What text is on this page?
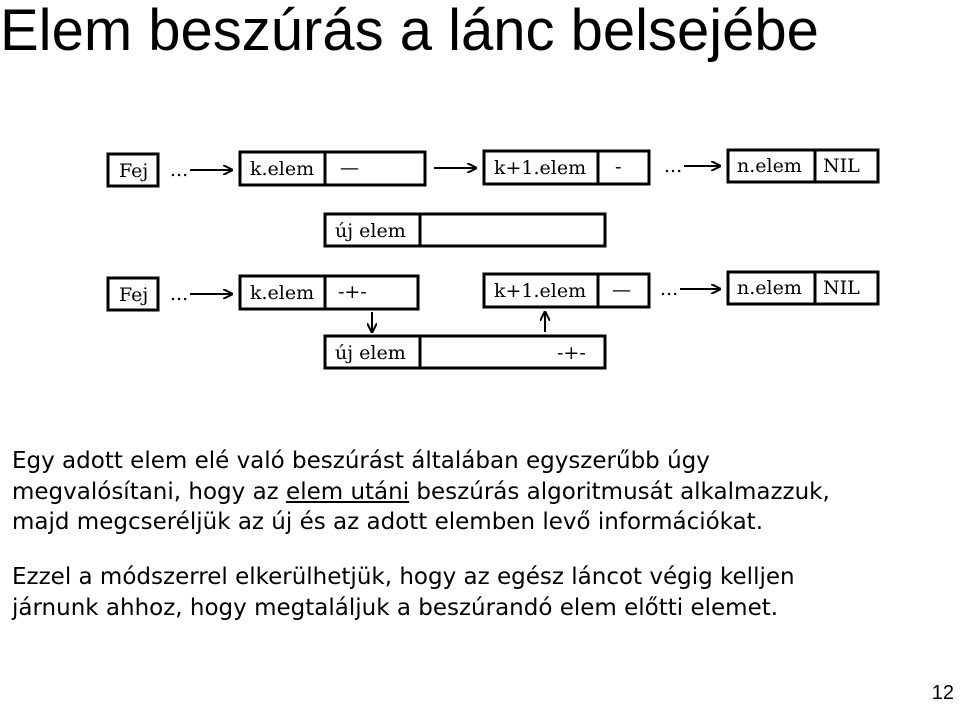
Elem beszúrás a lánc belsejébe
Fej ...	k.elem —	k+1.elem - ...	n.elem NIL
új elem
Fej ...	k.elem -+-	k+1.elem — ...	n.elem NIL
új elem	-+-
Egy adott elem elé való beszúrást általában egyszerűbb úgy
megvalósítani, hogy az elem utáni beszúrás algoritmusát alkalmazzuk,
majd megcseréljük az új és az adott elemben levő információkat.
Ezzel a módszerrel elkerülhetjük, hogy az egész láncot végig kelljen
járnunk ahhoz, hogy megtaláljuk a beszúrandó elem előtti elemet.
12
